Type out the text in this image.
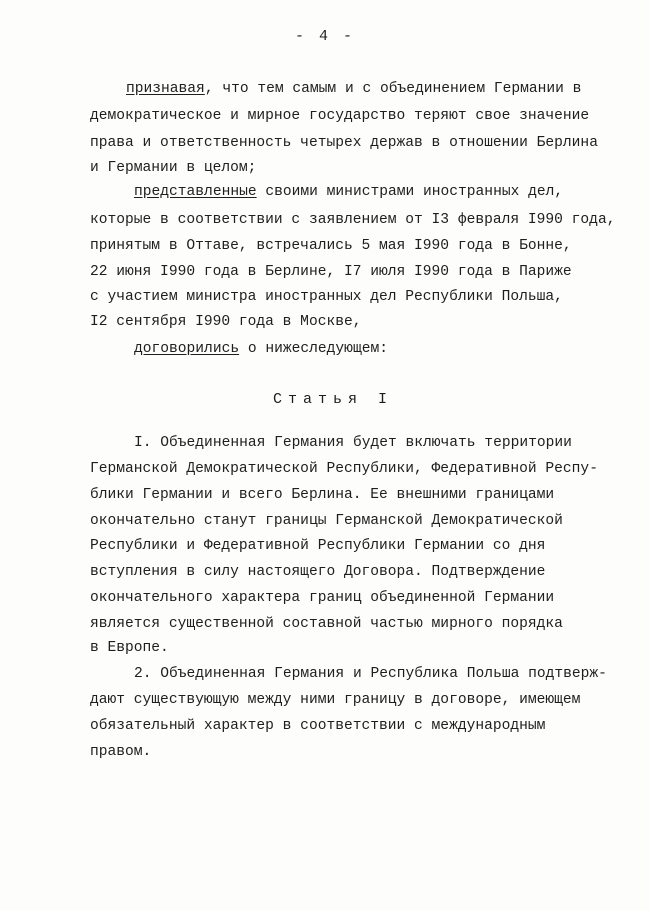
- 4 -
признавая, что тем самым и с объединением Германии в
демократическое и мирное государство теряют свое значение
права и ответственность четырех держав в отношении Берлина
и Германии в целом;
представленные своими министрами иностранных дел,
которые в соответствии с заявлением от I3 февраля I990 года,
принятым в Оттаве, встречались 5 мая I990 года в Бонне,
22 июня I990 года в Берлине, I7 июля I990 года в Париже
с участием министра иностранных дел Республики Польша,
I2 сентября I990 года в Москве,
договорились о нижеследующем:
Статья I
I. Объединенная Германия будет включать территории
Германской Демократической Республики, Федеративной Респу-
блики Германии и всего Берлина. Ее внешними границами
окончательно станут границы Германской Демократической
Республики и Федеративной Республики Германии со дня
вступления в силу настоящего Договора. Подтверждение
окончательного характера границ объединенной Германии
является существенной составной частью мирного порядка
в Европе.
2. Объединенная Германия и Республика Польша подтверж-
дают существующую между ними границу в договоре, имеющем
обязательный характер в соответствии с международным
правом.
